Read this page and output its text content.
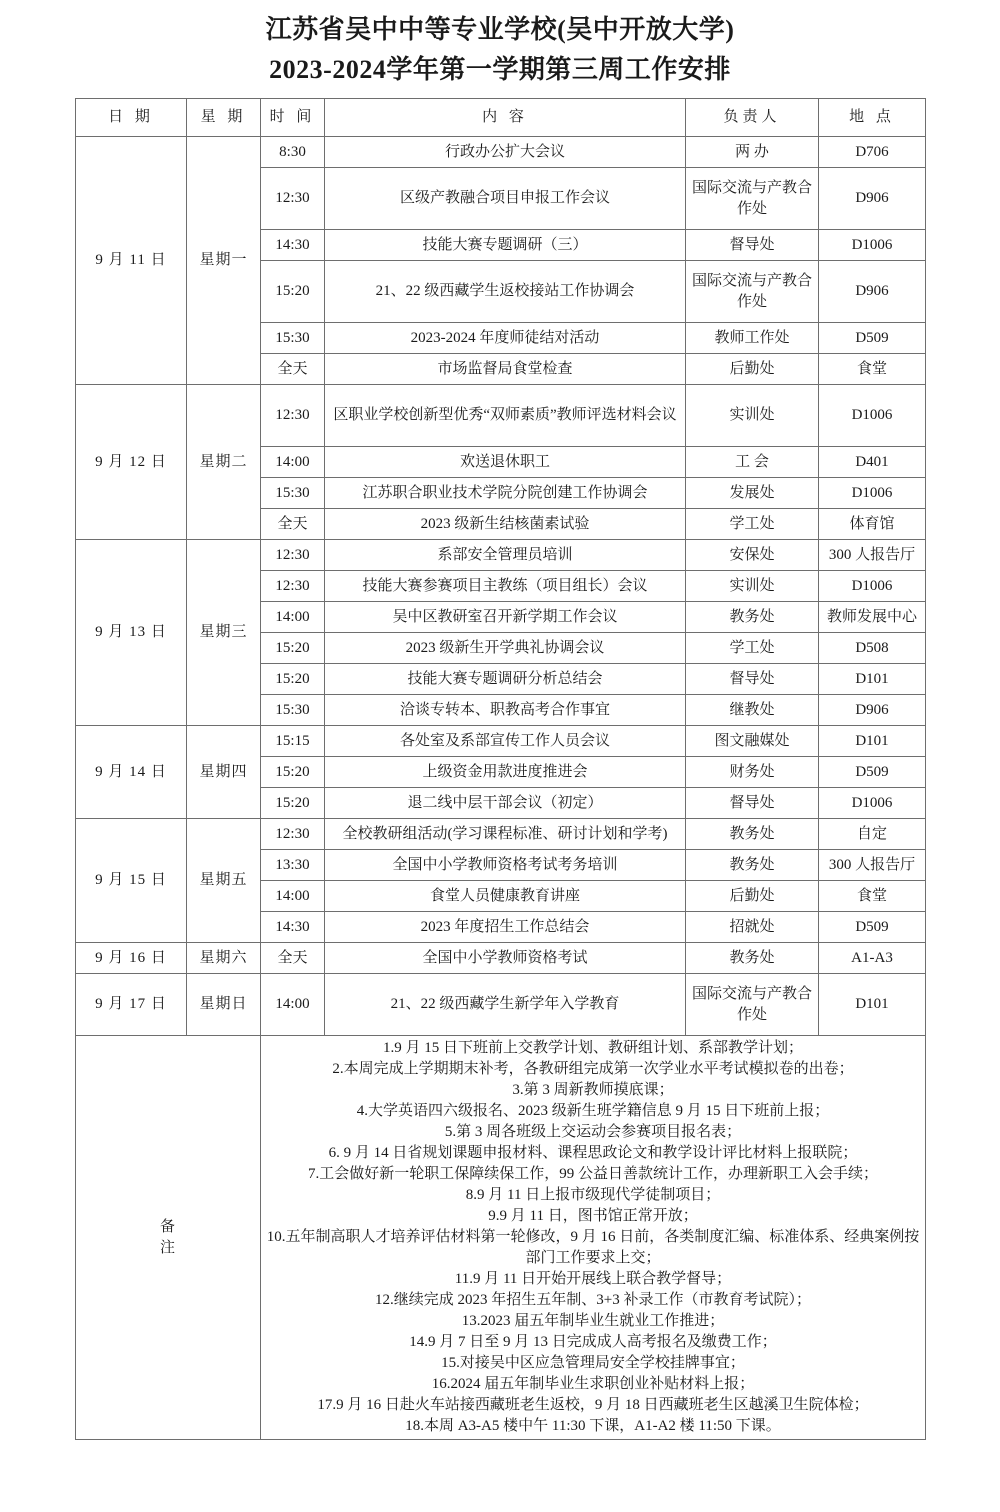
江苏省吴中中等专业学校(吴中开放大学)
2023-2024学年第一学期第三周工作安排
日 期	星 期	时 间	内 容	负责人	地 点
9 月 11 日	星期一	8:30	行政办公扩大会议	两 办	D706
		12:30	区级产教融合项目申报工作会议	国际交流与产教合作处	D906
		14:30	技能大赛专题调研（三）	督导处	D1006
		15:20	21、22 级西藏学生返校接站工作协调会	国际交流与产教合作处	D906
		15:30	2023-2024 年度师徒结对活动	教师工作处	D509
		全天	市场监督局食堂检查	后勤处	食堂
9 月 12 日	星期二	12:30	区职业学校创新型优秀“双师素质”教师评选材料会议	实训处	D1006
		14:00	欢送退休职工	工 会	D401
		15:30	江苏职合职业技术学院分院创建工作协调会	发展处	D1006
		全天	2023 级新生结核菌素试验	学工处	体育馆
9 月 13 日	星期三	12:30	系部安全管理员培训	安保处	300 人报告厅
		12:30	技能大赛参赛项目主教练（项目组长）会议	实训处	D1006
		14:00	吴中区教研室召开新学期工作会议	教务处	教师发展中心
		15:20	2023 级新生开学典礼协调会议	学工处	D508
		15:20	技能大赛专题调研分析总结会	督导处	D101
		15:30	洽谈专转本、职教高考合作事宜	继教处	D906
9 月 14 日	星期四	15:15	各处室及系部宣传工作人员会议	图文融媒处	D101
		15:20	上级资金用款进度推进会	财务处	D509
		15:20	退二线中层干部会议（初定）	督导处	D1006
9 月 15 日	星期五	12:30	全校教研组活动(学习课程标准、研讨计划和学考)	教务处	自定
		13:30	全国中小学教师资格考试考务培训	教务处	300 人报告厅
		14:00	食堂人员健康教育讲座	后勤处	食堂
		14:30	2023 年度招生工作总结会	招就处	D509
9 月 16 日	星期六	全天	全国中小学教师资格考试	教务处	A1-A3
9 月 17 日	星期日	14:00	21、22 级西藏学生新学年入学教育	国际交流与产教合作处	D101

备
注

1.9 月 15 日下班前上交教学计划、教研组计划、系部教学计划；
2.本周完成上学期期末补考，各教研组完成第一次学业水平考试模拟卷的出卷；
3.第 3 周新教师摸底课；
4.大学英语四六级报名、2023 级新生班学籍信息 9 月 15 日下班前上报；
5.第 3 周各班级上交运动会参赛项目报名表；
6. 9 月 14 日省规划课题申报材料、课程思政论文和教学设计评比材料上报联院；
7.工会做好新一轮职工保障续保工作，99 公益日善款统计工作，办理新职工入会手续；
8.9 月 11 日上报市级现代学徒制项目；
9.9 月 11 日，图书馆正常开放；
10.五年制高职人才培养评估材料第一轮修改，9 月 16 日前，各类制度汇编、标准体系、经典案例按部门工作要求上交；
11.9 月 11 日开始开展线上联合教学督导；
12.继续完成 2023 年招生五年制、3+3 补录工作（市教育考试院）；
13.2023 届五年制毕业生就业工作推进；
14.9 月 7 日至 9 月 13 日完成成人高考报名及缴费工作；
15.对接吴中区应急管理局安全学校挂牌事宜；
16.2024 届五年制毕业生求职创业补贴材料上报；
17.9 月 16 日赴火车站接西藏班老生返校，9 月 18 日西藏班老生区越溪卫生院体检；
18.本周 A3-A5 楼中午 11:30 下课，A1-A2 楼 11:50 下课。
